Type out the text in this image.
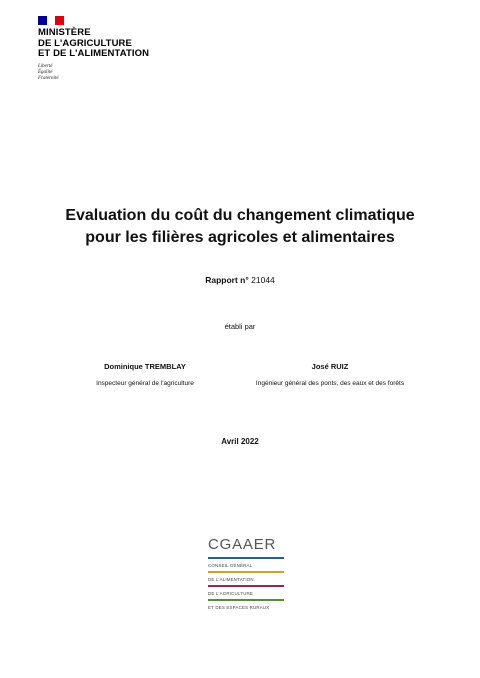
MINISTÈRE
DE L'AGRICULTURE
ET DE L'ALIMENTATION
Liberté
Égalité
Fraternité
Evaluation du coût du changement climatique
pour les filières agricoles et alimentaires
Rapport n° 21044
établi par
Dominique TREMBLAY
Inspecteur général de l'agriculture
José RUIZ
Ingénieur général des ponts, des eaux et des forêts
Avril 2022
CGAAER
CONSEIL GÉNÉRAL
DE L'ALIMENTATION
DE L'AGRICULTURE
ET DES ESPACES RURAUX
